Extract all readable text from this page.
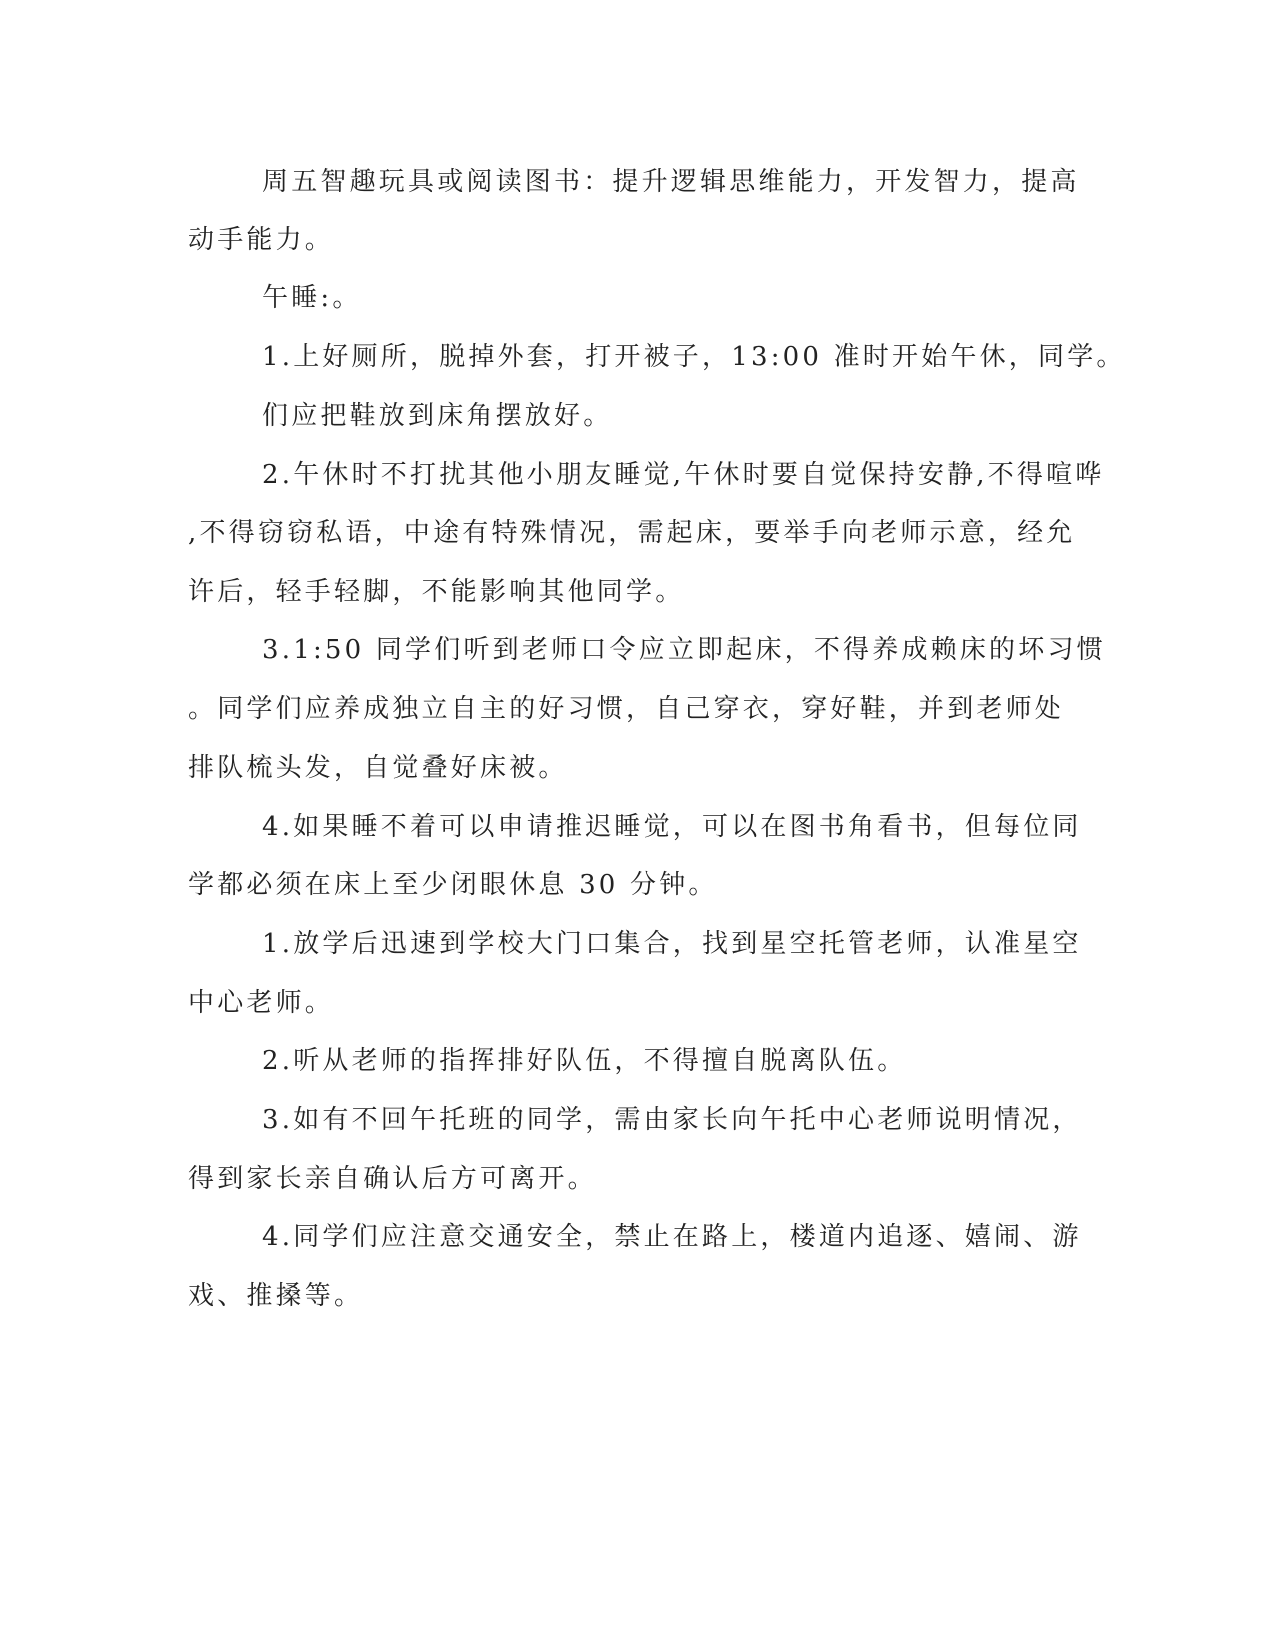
周五智趣玩具或阅读图书：提升逻辑思维能力，开发智力，提高
动手能力。
午睡:。
1.上好厕所，脱掉外套，打开被子，13:00 准时开始午休，同学。
们应把鞋放到床角摆放好。
2.午休时不打扰其他小朋友睡觉,午休时要自觉保持安静,不得喧哗
,不得窃窃私语，中途有特殊情况，需起床，要举手向老师示意，经允
许后，轻手轻脚，不能影响其他同学。
3.1:50 同学们听到老师口令应立即起床，不得养成赖床的坏习惯
。同学们应养成独立自主的好习惯，自己穿衣，穿好鞋，并到老师处
排队梳头发，自觉叠好床被。
4.如果睡不着可以申请推迟睡觉，可以在图书角看书，但每位同
学都必须在床上至少闭眼休息 30 分钟。
1.放学后迅速到学校大门口集合，找到星空托管老师，认准星空
中心老师。
2.听从老师的指挥排好队伍，不得擅自脱离队伍。
3.如有不回午托班的同学，需由家长向午托中心老师说明情况，
得到家长亲自确认后方可离开。
4.同学们应注意交通安全，禁止在路上，楼道内追逐、嬉闹、游
戏、推搡等。
